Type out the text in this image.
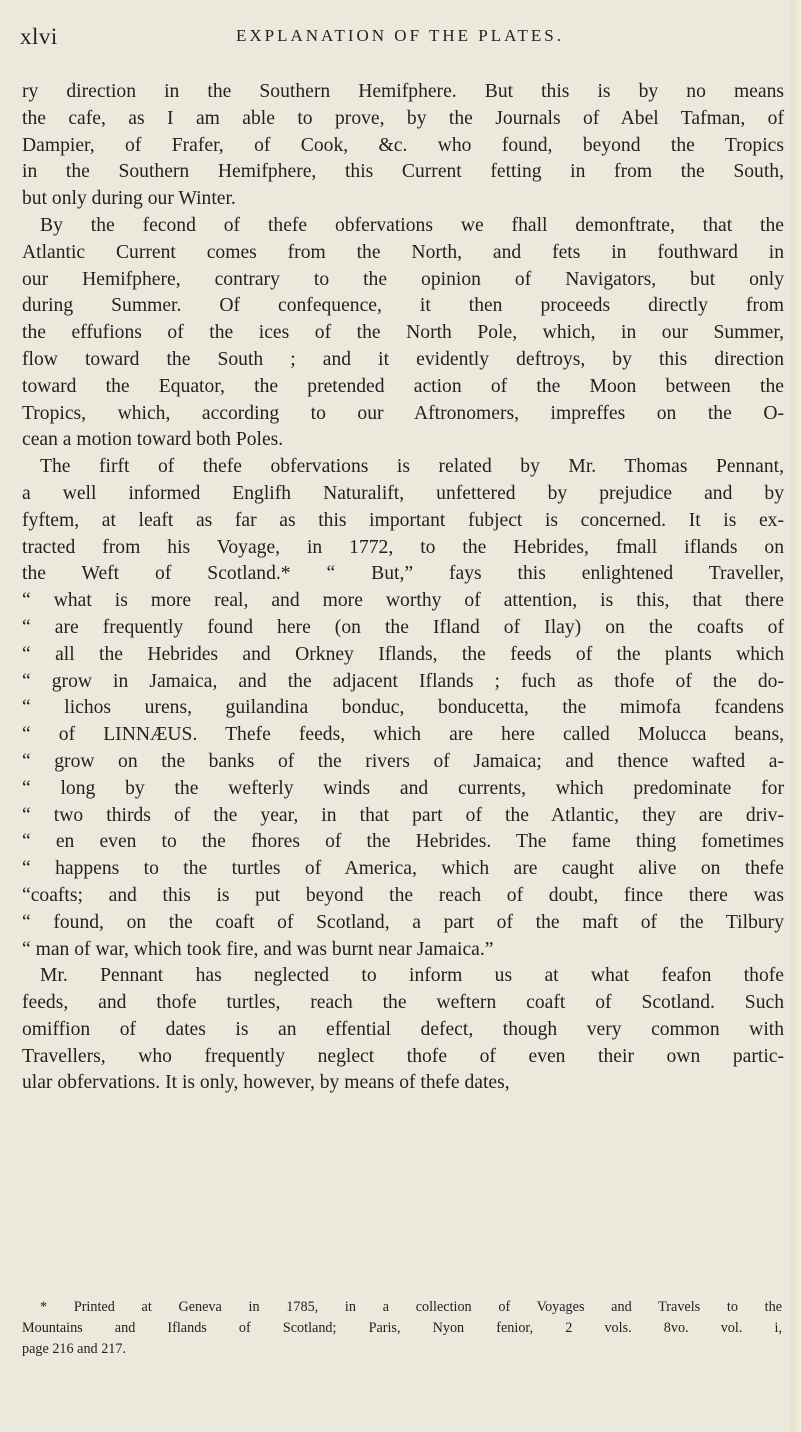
xlvi	EXPLANATION OF THE PLATES.
ry direction in the Southern Hemifphere. But this is by no means
the cafe, as I am able to prove, by the Journals of Abel Tafman, of
Dampier, of Frafer, of Cook, &c. who found, beyond the Tropics
in the Southern Hemifphere, this Current fetting in from the South,
but only during our Winter.
By the fecond of thefe obfervations we fhall demonftrate, that the
Atlantic Current comes from the North, and fets in fouthward in
our Hemifphere, contrary to the opinion of Navigators, but only
during Summer. Of confequence, it then proceeds directly from
the effufions of the ices of the North Pole, which, in our Summer,
flow toward the South ; and it evidently deftroys, by this direction
toward the Equator, the pretended action of the Moon between the
Tropics, which, according to our Aftronomers, impreffes on the O-
cean a motion toward both Poles.
The firft of thefe obfervations is related by Mr. Thomas Pennant,
a well informed Englifh Naturalift, unfettered by prejudice and by
fyftem, at leaft as far as this important fubject is concerned. It is ex-
tracted from his Voyage, in 1772, to the Hebrides, fmall iflands on
the Weft of Scotland.* “ But,” fays this enlightened Traveller,
“ what is more real, and more worthy of attention, is this, that there
“ are frequently found here (on the Ifland of Ilay) on the coafts of
“ all the Hebrides and Orkney Iflands, the feeds of the plants which
“ grow in Jamaica, and the adjacent Iflands ; fuch as thofe of the do-
“ lichos urens, guilandina bonduc, bonducetta, the mimofa fcandens
“ of LINNÆUS. Thefe feeds, which are here called Molucca beans,
“ grow on the banks of the rivers of Jamaica; and thence wafted a-
“ long by the wefterly winds and currents, which predominate for
“ two thirds of the year, in that part of the Atlantic, they are driv-
“ en even to the fhores of the Hebrides. The fame thing fometimes
“ happens to the turtles of America, which are caught alive on thefe
“coafts; and this is put beyond the reach of doubt, fince there was
“ found, on the coaft of Scotland, a part of the maft of the Tilbury
“ man of war, which took fire, and was burnt near Jamaica.”
Mr. Pennant has neglected to inform us at what feafon thofe
feeds, and thofe turtles, reach the weftern coaft of Scotland. Such
omiffion of dates is an effential defect, though very common with
Travellers, who frequently neglect thofe of even their own partic-
ular obfervations. It is only, however, by means of thefe dates,
* Printed at Geneva in 1785, in a collection of Voyages and Travels to the
Mountains and Iflands of Scotland; Paris, Nyon fenior, 2 vols. 8vo. vol. i,
page 216 and 217.
